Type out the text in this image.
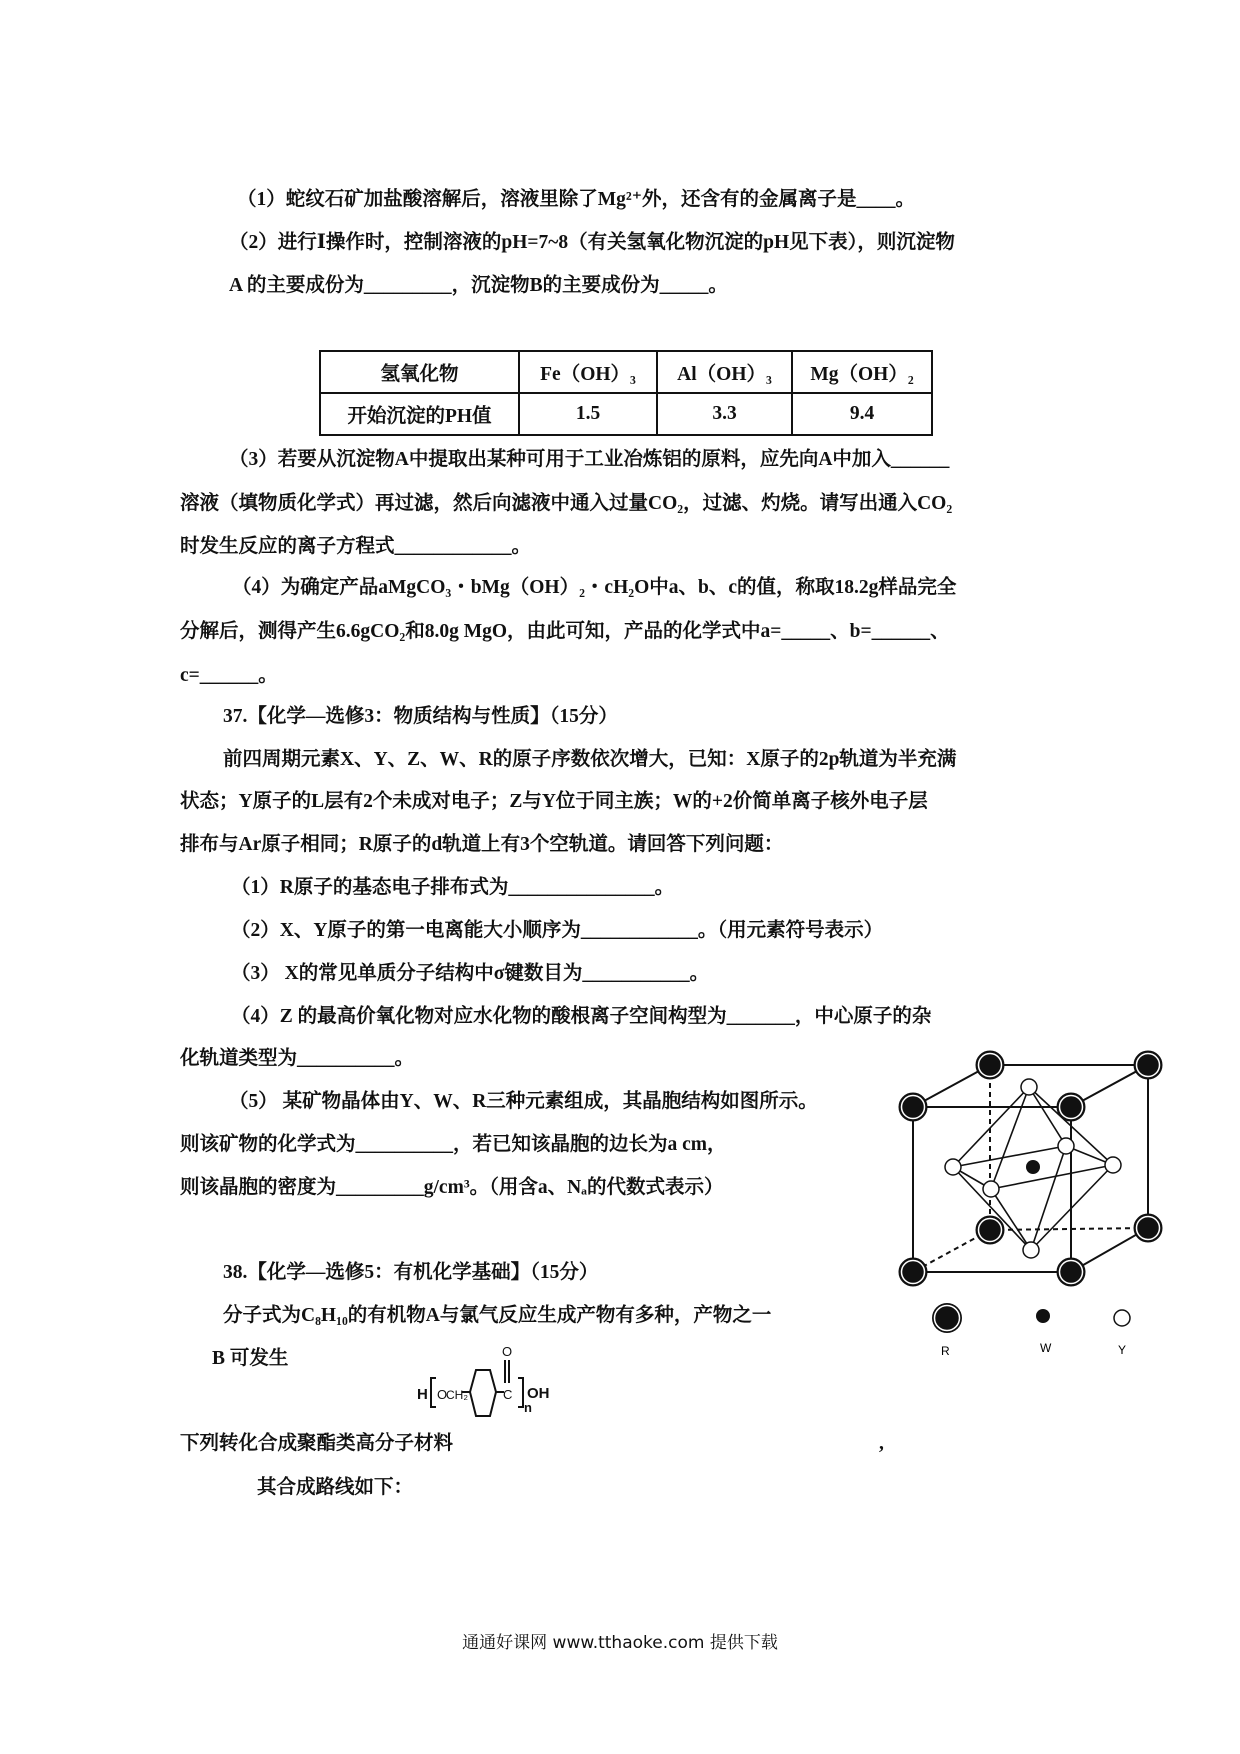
（1）蛇纹石矿加盐酸溶解后，溶液里除了Mg²⁺外，还含有的金属离子是____。
（2）进行Ⅰ操作时，控制溶液的pH=7~8（有关氢氧化物沉淀的pH见下表），则沉淀物
A 的主要成份为_________，沉淀物B的主要成份为_____。
氢氧化物	Fe（OH）₃	Al（OH）₃	Mg（OH）₂
开始沉淀的PH值	1.5	3.3	9.4
（3）若要从沉淀物A中提取出某种可用于工业冶炼铝的原料，应先向A中加入______
溶液（填物质化学式）再过滤，然后向滤液中通入过量CO₂，过滤、灼烧。请写出通入CO₂
时发生反应的离子方程式____________。
（4）为确定产品aMgCO₃・bMg（OH）₂・cH₂O中a、b、c的值，称取18.2g样品完全
分解后，测得产生6.6gCO₂和8.0g MgO，由此可知，产品的化学式中a=_____、b=______、
c=______。
37.【化学—选修3：物质结构与性质】（15分）
前四周期元素X、Y、Z、W、R的原子序数依次增大，已知：X原子的2p轨道为半充满
状态；Y原子的L层有2个未成对电子；Z与Y位于同主族；W的+2价简单离子核外电子层
排布与Ar原子相同；R原子的d轨道上有3个空轨道。请回答下列问题：
（1）R原子的基态电子排布式为_______________。
（2）X、Y原子的第一电离能大小顺序为____________。（用元素符号表示）
（3） X的常见单质分子结构中σ键数目为___________。
（4）Z 的最高价氧化物对应水化物的酸根离子空间构型为_______，中心原子的杂
化轨道类型为__________。
（5） 某矿物晶体由Y、W、R三种元素组成，其晶胞结构如图所示。
则该矿物的化学式为__________，若已知该晶胞的边长为a cm，
则该晶胞的密度为_________g/cm³。（用含a、Nₐ的代数式表示）
38.【化学—选修5：有机化学基础】（15分）
分子式为C₈H₁₀的有机物A与氯气反应生成产物有多种，产物之一
B 可发生
下列转化合成聚酯类高分子材料	,
其合成路线如下：
R	W	Y
H O
CH₂	C
O
OH
n
通通好课网 www.tthaoke.com 提供下载
